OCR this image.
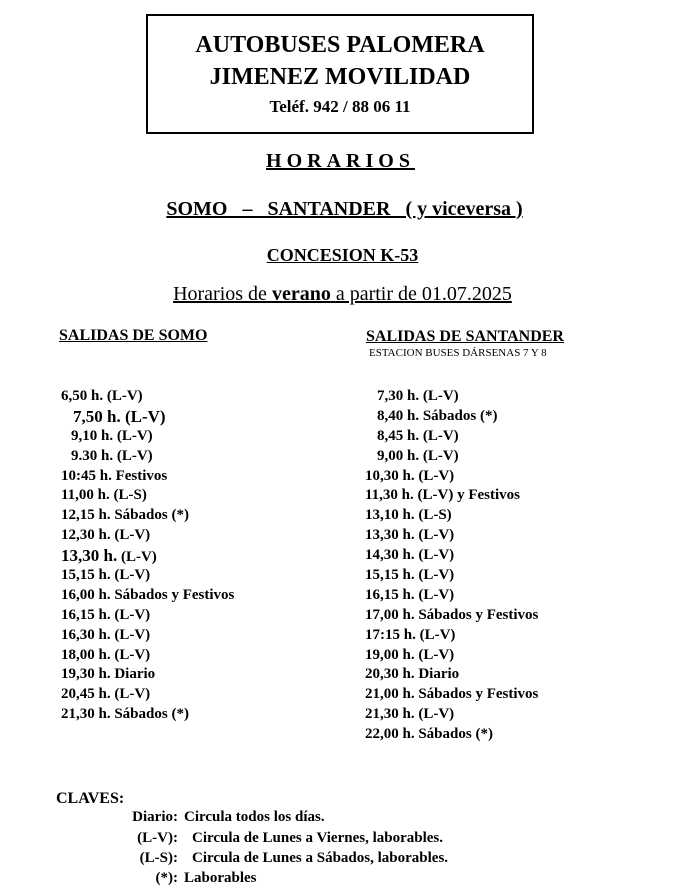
AUTOBUSES PALOMERA
JIMENEZ MOVILIDAD
Teléf. 942 / 88 06 11
HORARIOS
SOMO – SANTANDER ( y viceversa )
CONCESION K-53
Horarios de verano a partir de 01.07.2025
SALIDAS DE SOMO	SALIDAS DE SANTANDER
ESTACION BUSES DÁRSENAS 7 Y 8
6,50 h. (L-V)
7,50 h. (L-V)
9,10 h. (L-V)
9.30 h. (L-V)
10:45 h. Festivos
11,00 h. (L-S)
12,15 h. Sábados (*)
12,30 h. (L-V)
13,30 h. (L-V)
15,15 h. (L-V)
16,00 h. Sábados y Festivos
16,15 h. (L-V)
16,30 h. (L-V)
18,00 h. (L-V)
19,30 h. Diario
20,45 h. (L-V)
21,30 h. Sábados (*)
7,30 h. (L-V)
8,40 h. Sábados (*)
8,45 h. (L-V)
9,00 h. (L-V)
10,30 h. (L-V)
11,30 h. (L-V) y Festivos
13,10 h. (L-S)
13,30 h. (L-V)
14,30 h. (L-V)
15,15 h. (L-V)
16,15 h. (L-V)
17,00 h. Sábados y Festivos
17:15 h. (L-V)
19,00 h. (L-V)
20,30 h. Diario
21,00 h. Sábados y Festivos
21,30 h. (L-V)
22,00 h. Sábados (*)
CLAVES:
Diario: Circula todos los días.
(L-V): Circula de Lunes a Viernes, laborables.
(L-S): Circula de Lunes a Sábados, laborables.
(*): Laborables
